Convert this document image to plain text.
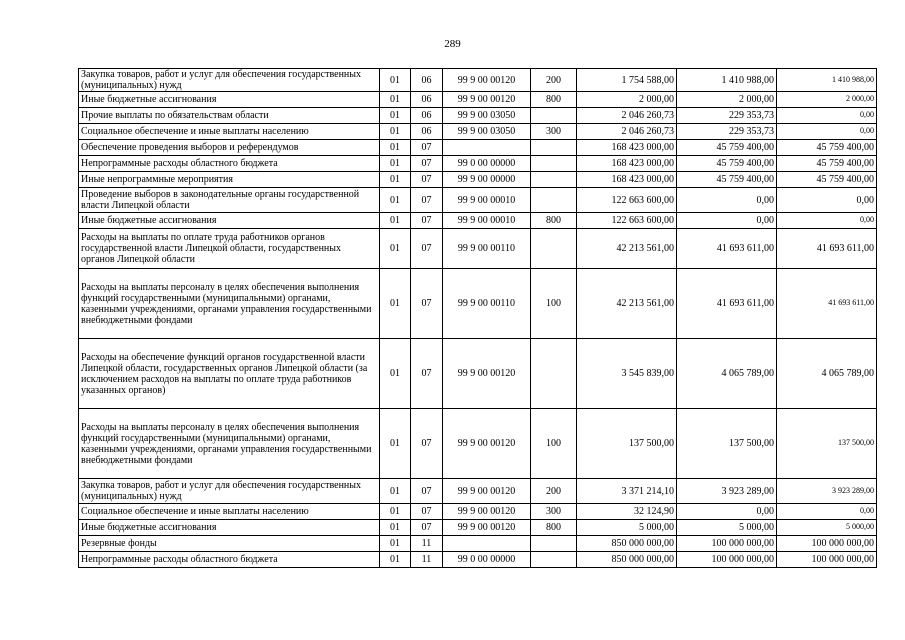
289
Закупка товаров, работ и услуг для обеспечения государственных (муниципальных) нужд	01	06	99 9 00 00120	200	1 754 588,00	1 410 988,00	1 410 988,00
Иные бюджетные ассигнования	01	06	99 9 00 00120	800	2 000,00	2 000,00	2 000,00
Прочие выплаты по обязательствам области	01	06	99 9 00 03050		2 046 260,73	229 353,73	0,00
Социальное обеспечение и иные выплаты населению	01	06	99 9 00 03050	300	2 046 260,73	229 353,73	0,00
Обеспечение проведения выборов и референдумов	01	07			168 423 000,00	45 759 400,00	45 759 400,00
Непрограммные расходы областного бюджета	01	07	99 0 00 00000		168 423 000,00	45 759 400,00	45 759 400,00
Иные непрограммные мероприятия	01	07	99 9 00 00000		168 423 000,00	45 759 400,00	45 759 400,00
Проведение выборов в законодательные органы государственной власти Липецкой области	01	07	99 9 00 00010		122 663 600,00	0,00	0,00
Иные бюджетные ассигнования	01	07	99 9 00 00010	800	122 663 600,00	0,00	0,00
Расходы на выплаты по оплате труда работников органов государственной власти Липецкой области, государственных органов Липецкой области	01	07	99 9 00 00110		42 213 561,00	41 693 611,00	41 693 611,00
Расходы на выплаты персоналу в целях обеспечения выполнения функций государственными (муниципальными) органами, казенными учреждениями, органами управления государственными внебюджетными фондами	01	07	99 9 00 00110	100	42 213 561,00	41 693 611,00	41 693 611,00
Расходы на обеспечение функций органов государственной власти Липецкой области, государственных органов Липецкой области (за исключением расходов на выплаты по оплате труда работников указанных органов)	01	07	99 9 00 00120		3 545 839,00	4 065 789,00	4 065 789,00
Расходы на выплаты персоналу в целях обеспечения выполнения функций государственными (муниципальными) органами, казенными учреждениями, органами управления государственными внебюджетными фондами	01	07	99 9 00 00120	100	137 500,00	137 500,00	137 500,00
Закупка товаров, работ и услуг для обеспечения государственных (муниципальных) нужд	01	07	99 9 00 00120	200	3 371 214,10	3 923 289,00	3 923 289,00
Социальное обеспечение и иные выплаты населению	01	07	99 9 00 00120	300	32 124,90	0,00	0,00
Иные бюджетные ассигнования	01	07	99 9 00 00120	800	5 000,00	5 000,00	5 000,00
Резервные фонды	01	11			850 000 000,00	100 000 000,00	100 000 000,00
Непрограммные расходы областного бюджета	01	11	99 0 00 00000		850 000 000,00	100 000 000,00	100 000 000,00
